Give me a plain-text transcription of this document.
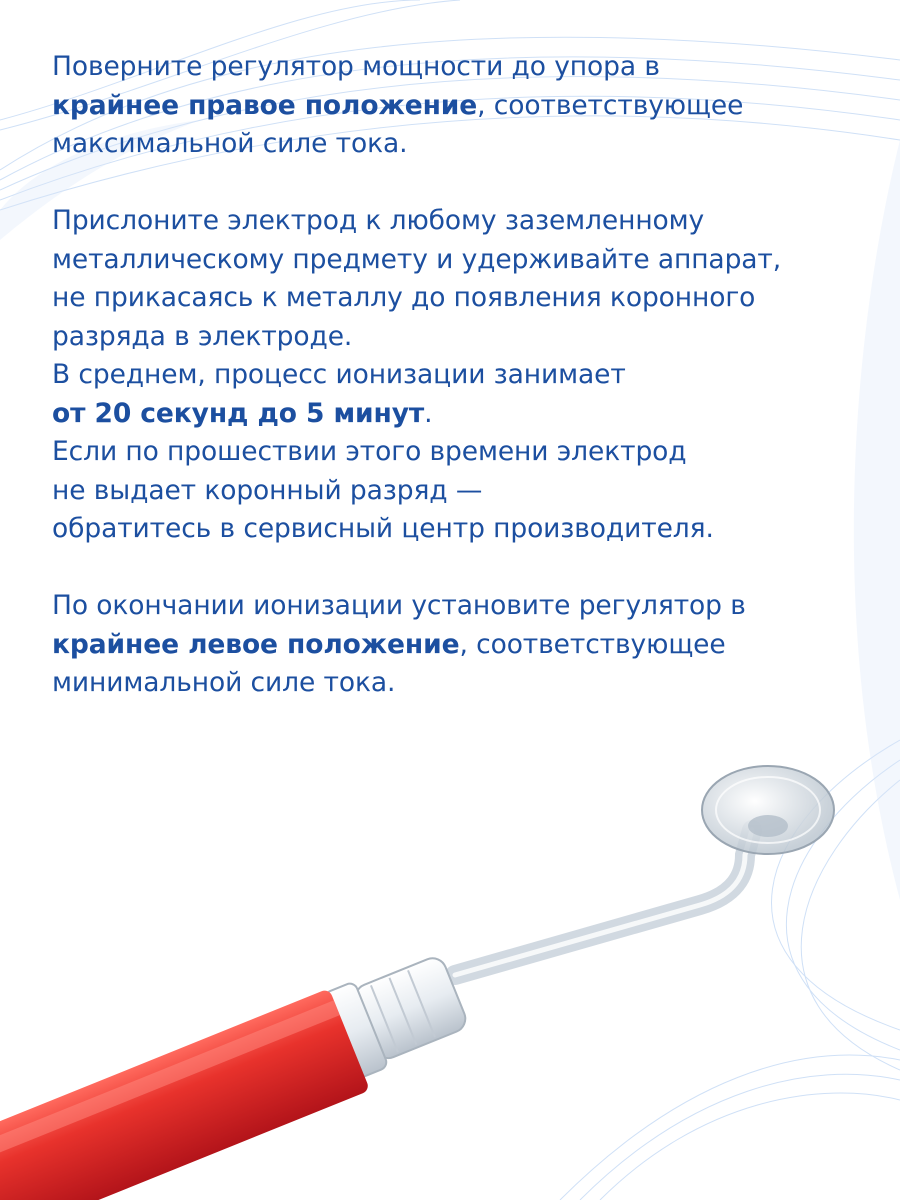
Поверните регулятор мощности до упора в
крайнее правое положение, соответствующее
максимальной силе тока.

Прислоните электрод к любому заземленному
металлическому предмету и удерживайте аппарат,
не прикасаясь к металлу до появления коронного
разряда в электроде.
В среднем, процесс ионизации занимает
от 20 секунд до 5 минут.
Если по прошествии этого времени электрод
не выдает коронный разряд —
обратитесь в сервисный центр производителя.

По окончании ионизации установите регулятор в
крайнее левое положение, соответствующее
минимальной силе тока.
